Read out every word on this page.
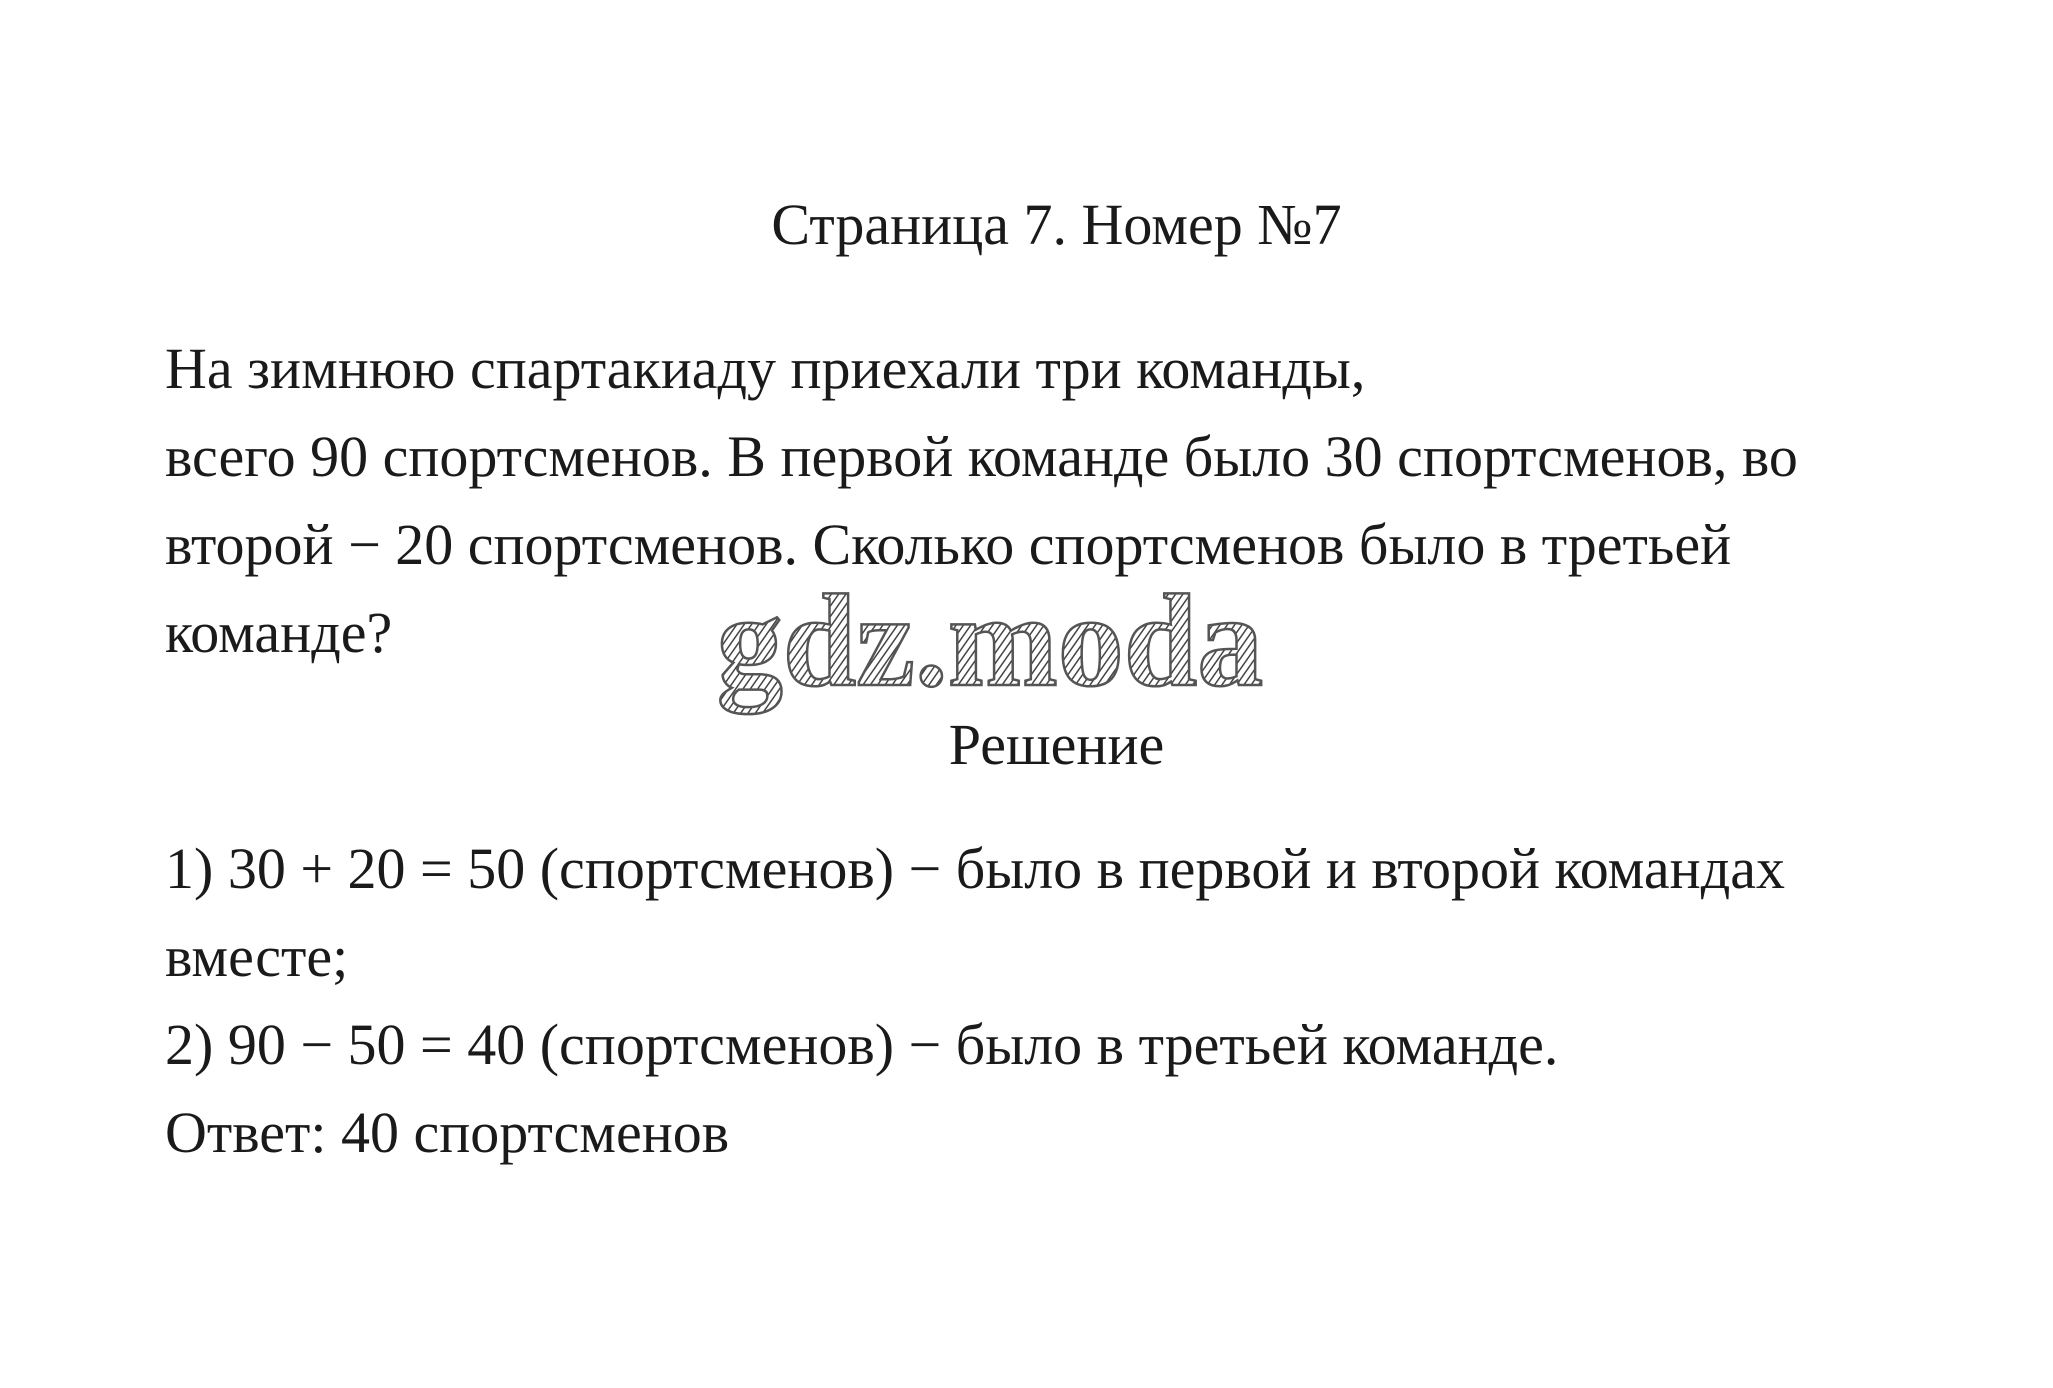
Страница 7. Номер №7

На зимнюю спартакиаду приехали три команды,

всего 90 спортсменов. В первой команде было 30 спортсменов, во

второй − 20 спортсменов. Сколько спортсменов было в третьей

команде?	gdz.moda
Решение

1) 30 + 20 = 50 (спортсменов) − было в первой и второй командах

вместе;

2) 90 − 50 = 40 (спортсменов) − было в третьей команде.

Ответ: 40 спортсменов
